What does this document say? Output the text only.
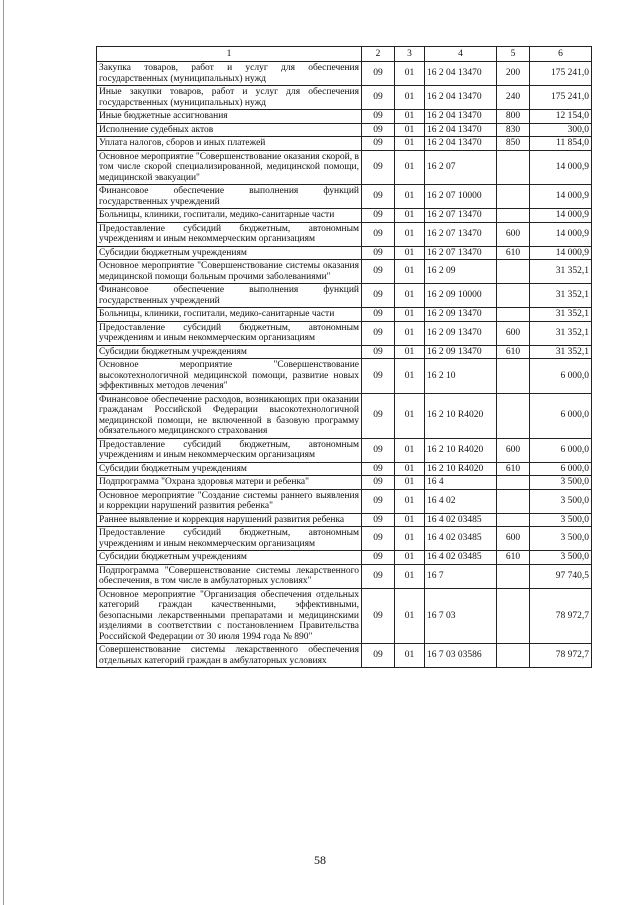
1	2	3	4	5	6
Закупка товаров, работ и услуг для обеспечения государственных (муниципальных) нужд	09	01	16 2 04 13470	200	175 241,0
Иные закупки товаров, работ и услуг для обеспечения государственных (муниципальных) нужд	09	01	16 2 04 13470	240	175 241,0
Иные бюджетные ассигнования	09	01	16 2 04 13470	800	12 154,0
Исполнение судебных актов	09	01	16 2 04 13470	830	300,0
Уплата налогов, сборов и иных платежей	09	01	16 2 04 13470	850	11 854,0
Основное мероприятие "Совершенствование оказания скорой, в том числе скорой специализированной, медицинской помощи, медицинской эвакуации"	09	01	16 2 07		14 000,9
Финансовое обеспечение выполнения функций государственных учреждений	09	01	16 2 07 10000		14 000,9
Больницы, клиники, госпитали, медико-санитарные части	09	01	16 2 07 13470		14 000,9
Предоставление субсидий бюджетным, автономным учреждениям и иным некоммерческим организациям	09	01	16 2 07 13470	600	14 000,9
Субсидии бюджетным учреждениям	09	01	16 2 07 13470	610	14 000,9
Основное мероприятие "Совершенствование системы оказания медицинской помощи больным прочими заболеваниями"	09	01	16 2 09		31 352,1
Финансовое обеспечение выполнения функций государственных учреждений	09	01	16 2 09 10000		31 352,1
Больницы, клиники, госпитали, медико-санитарные части	09	01	16 2 09 13470		31 352,1
Предоставление субсидий бюджетным, автономным учреждениям и иным некоммерческим организациям	09	01	16 2 09 13470	600	31 352,1
Субсидии бюджетным учреждениям	09	01	16 2 09 13470	610	31 352,1
Основное мероприятие "Совершенствование высокотехнологичной медицинской помощи, развитие новых эффективных методов лечения"	09	01	16 2 10		6 000,0
Финансовое обеспечение расходов, возникающих при оказании гражданам Российской Федерации высокотехнологичной медицинской помощи, не включенной в базовую программу обязательного медицинского страхования	09	01	16 2 10 R4020		6 000,0
Предоставление субсидий бюджетным, автономным учреждениям и иным некоммерческим организациям	09	01	16 2 10 R4020	600	6 000,0
Субсидии бюджетным учреждениям	09	01	16 2 10 R4020	610	6 000,0
Подпрограмма "Охрана здоровья матери и ребенка"	09	01	16 4		3 500,0
Основное мероприятие "Создание системы раннего выявления и коррекции нарушений развития ребенка"	09	01	16 4 02		3 500,0
Раннее выявление и коррекция нарушений развития ребенка	09	01	16 4 02 03485		3 500,0
Предоставление субсидий бюджетным, автономным учреждениям и иным некоммерческим организациям	09	01	16 4 02 03485	600	3 500,0
Субсидии бюджетным учреждениям	09	01	16 4 02 03485	610	3 500,0
Подпрограмма "Совершенствование системы лекарственного обеспечения, в том числе в амбулаторных условиях"	09	01	16 7		97 740,5
Основное мероприятие "Организация обеспечения отдельных категорий граждан качественными, эффективными, безопасными лекарственными препаратами и медицинскими изделиями в соответствии с постановлением Правительства Российской Федерации от 30 июля 1994 года № 890"	09	01	16 7 03		78 972,7
Совершенствование системы лекарственного обеспечения отдельных категорий граждан в амбулаторных условиях	09	01	16 7 03 03586		78 972,7
58
